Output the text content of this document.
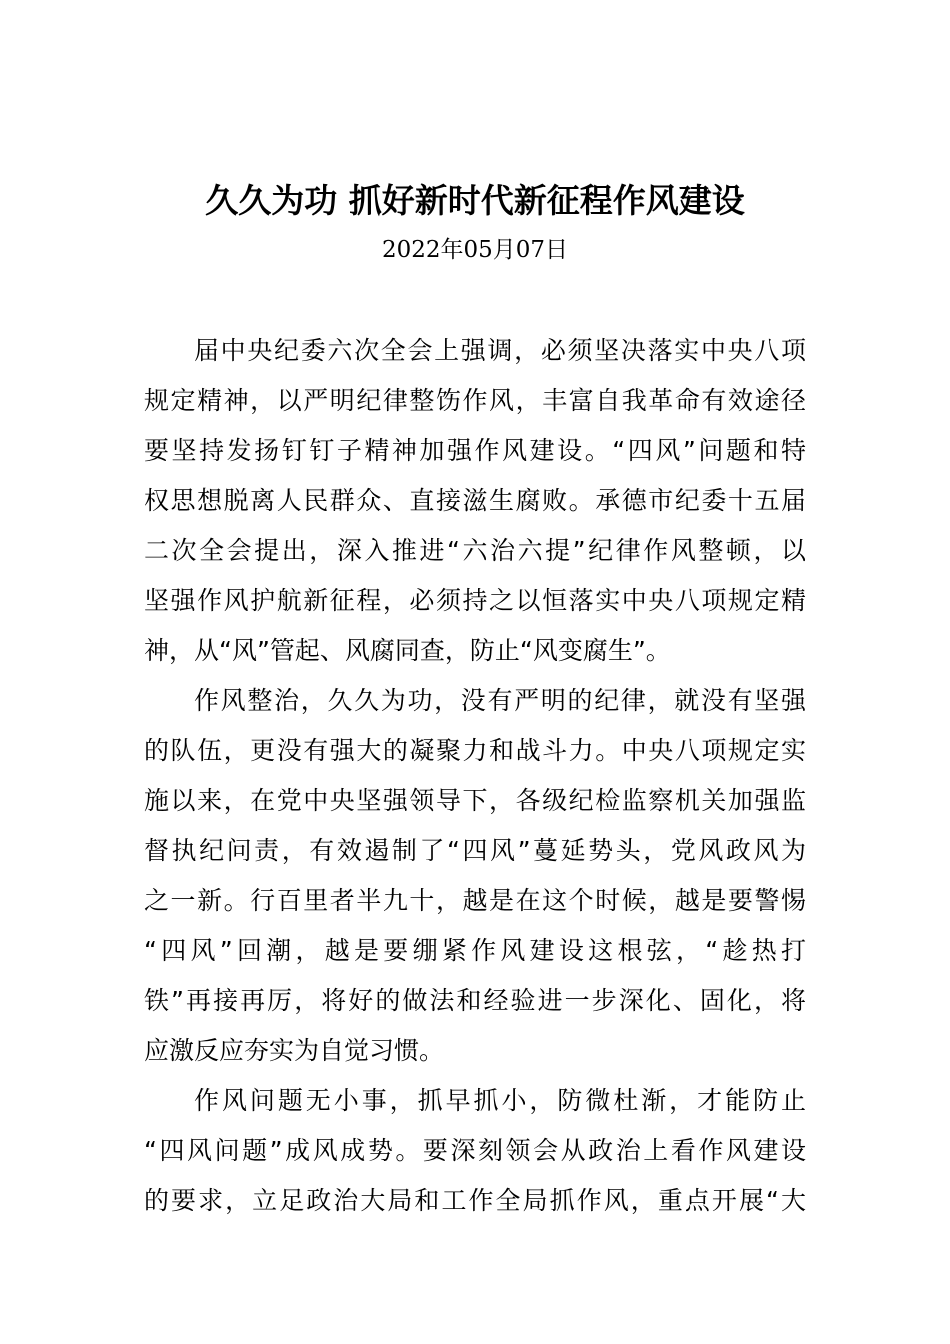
久久为功 抓好新时代新征程作风建设
2022年05月07日
届中央纪委六次全会上强调，必须坚决落实中央八项
规定精神，以严明纪律整饬作风，丰富自我革命有效途径
要坚持发扬钉钉子精神加强作风建设。“四风”问题和特
权思想脱离人民群众、直接滋生腐败。承德市纪委十五届
二次全会提出，深入推进“六治六提”纪律作风整顿，以
坚强作风护航新征程，必须持之以恒落实中央八项规定精
神，从“风”管起、风腐同查，防止“风变腐生”。
作风整治，久久为功，没有严明的纪律，就没有坚强
的队伍，更没有强大的凝聚力和战斗力。中央八项规定实
施以来，在党中央坚强领导下，各级纪检监察机关加强监
督执纪问责，有效遏制了“四风”蔓延势头，党风政风为
之一新。行百里者半九十，越是在这个时候，越是要警惕
“四风”回潮，越是要绷紧作风建设这根弦，“趁热打
铁”再接再厉，将好的做法和经验进一步深化、固化，将
应激反应夯实为自觉习惯。
作风问题无小事，抓早抓小，防微杜渐，才能防止
“四风问题”成风成势。要深刻领会从政治上看作风建设
的要求，立足政治大局和工作全局抓作风，重点开展“大
